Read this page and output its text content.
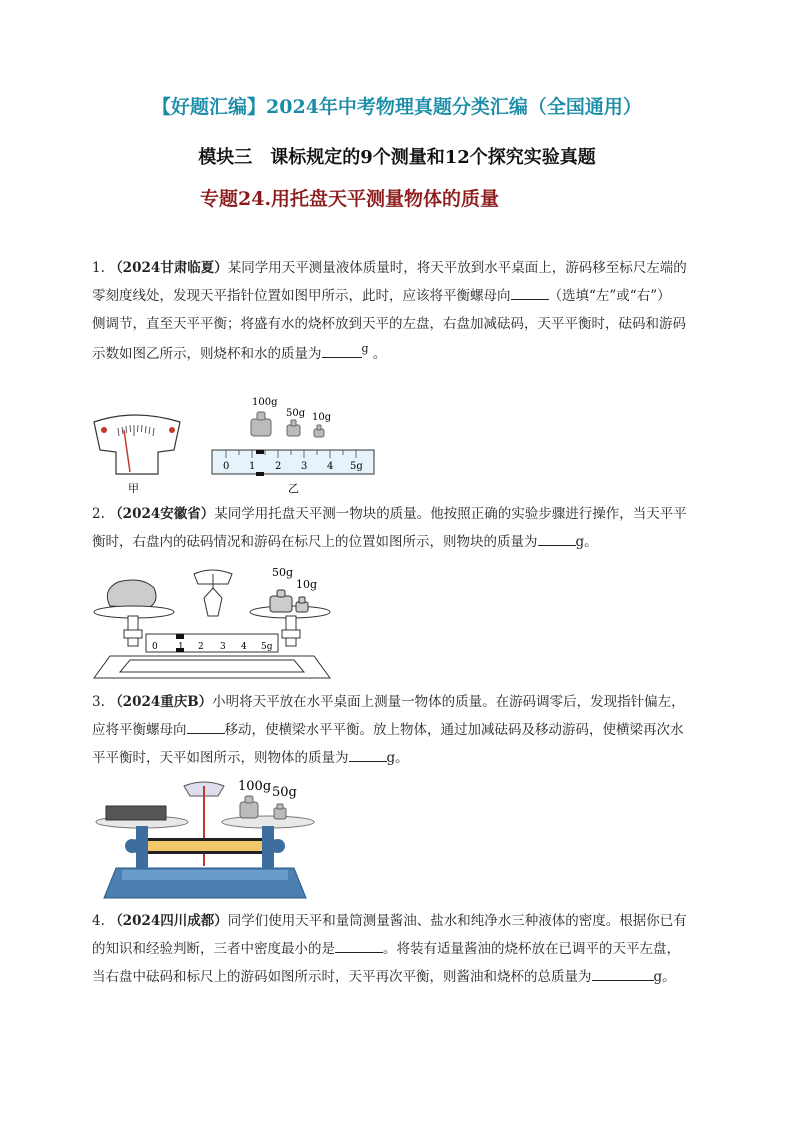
【好题汇编】2024年中考物理真题分类汇编（全国通用）
模块三　课标规定的9个测量和12个探究实验真题
专题24.用托盘天平测量物体的质量
1. （2024甘肃临夏）某同学用天平测量液体质量时，将天平放到水平桌面上，游码移至标尺左端的
零刻度线处，发现天平指针位置如图甲所示，此时，应该将平衡螺母向	（选填“左”或“右”）
侧调节，直至天平平衡；将盛有水的烧杯放到天平的左盘，右盘加减砝码，天平平衡时，砝码和游码
示数如图乙所示，则烧杯和水的质量为	$^g$ 。
甲
100g
50g 10g
0 1 2 3 4 5g
乙
2. （2024安徽省）某同学用托盘天平测一物块的质量。他按照正确的实验步骤进行操作，当天平平
衡时，右盘内的砝码情况和游码在标尺上的位置如图所示，则物块的质量为	g。
50g
10g
0 1 2 3 4 5g
3. （2024重庆B）小明将天平放在水平桌面上测量一物体的质量。在游码调零后，发现指针偏左，
应将平衡螺母向	移动，使横梁水平平衡。放上物体，通过加减砝码及移动游码，使横梁再次水
平平衡时，天平如图所示，则物体的质量为	g。
100g 50g
4. （2024四川成都）同学们使用天平和量筒测量酱油、盐水和纯净水三种液体的密度。根据你已有
的知识和经验判断，三者中密度最小的是	。将装有适量酱油的烧杯放在已调平的天平左盘，
当右盘中砝码和标尺上的游码如图所示时，天平再次平衡，则酱油和烧杯的总质量为	g。
